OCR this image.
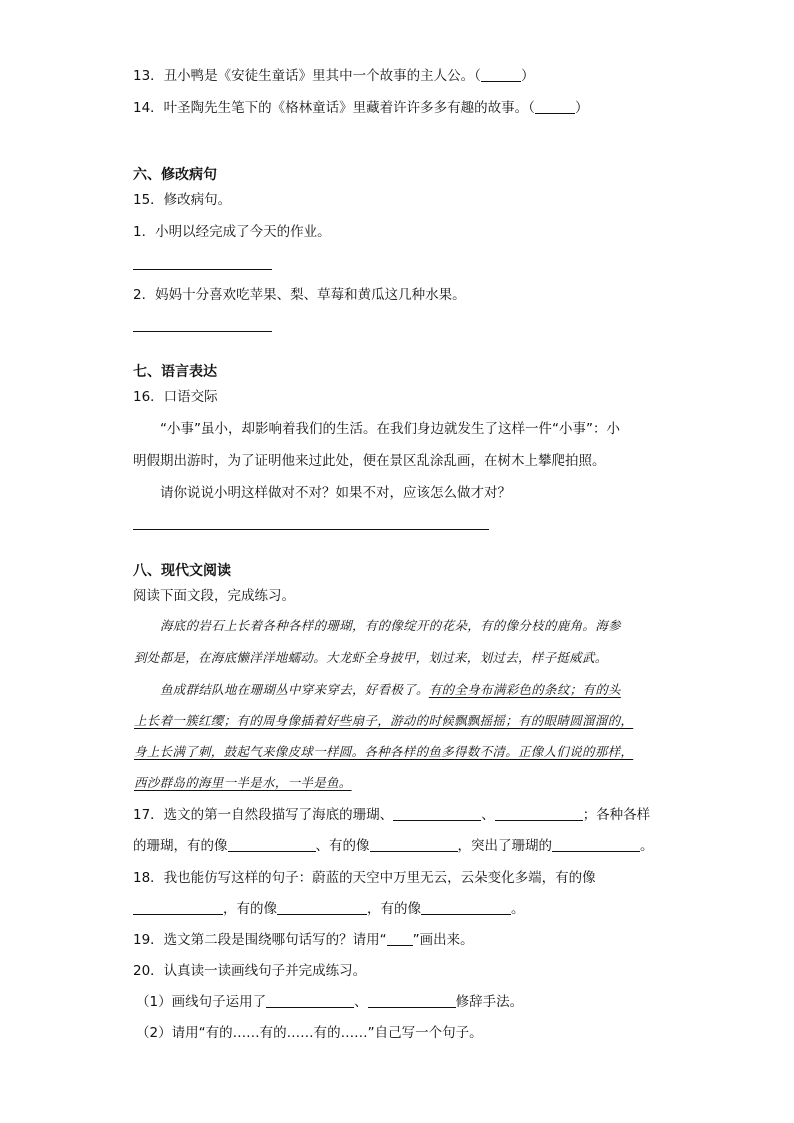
13．丑小鸭是《安徒生童话》里其中一个故事的主人公。（	）
14．叶圣陶先生笔下的《格林童话》里藏着许许多多有趣的故事。（	）
六、修改病句
15．修改病句。
1．小明以经完成了今天的作业。
2．妈妈十分喜欢吃苹果、梨、草莓和黄瓜这几种水果。
七、语言表达
16．口语交际
“小事”虽小，却影响着我们的生活。在我们身边就发生了这样一件“小事”：小
明假期出游时，为了证明他来过此处，便在景区乱涂乱画，在树木上攀爬拍照。
请你说说小明这样做对不对？如果不对，应该怎么做才对？
八、现代文阅读
阅读下面文段，完成练习。
海底的岩石上长着各种各样的珊瑚，有的像绽开的花朵，有的像分枝的鹿角。海参
到处都是，在海底懒洋洋地蠕动。大龙虾全身披甲，划过来，划过去，样子挺威武。
鱼成群结队地在珊瑚丛中穿来穿去，好看极了。有的全身布满彩色的条纹；有的头
上长着一簇红缨；有的周身像插着好些扇子，游动的时候飘飘摇摇；有的眼睛圆溜溜的，
身上长满了刺，鼓起气来像皮球一样圆。各种各样的鱼多得数不清。正像人们说的那样，
西沙群岛的海里一半是水，一半是鱼。
17．选文的第一自然段描写了海底的珊瑚、	、	；各种各样
的珊瑚，有的像	、有的像	，突出了珊瑚的	。
18．我也能仿写这样的句子：蔚蓝的天空中万里无云，云朵变化多端，有的像
，有的像	，有的像	。
19．选文第二段是围绕哪句话写的？请用“ ”画出来。
20．认真读一读画线句子并完成练习。
（1）画线句子运用了	、	修辞手法。
（2）请用“有的……有的……有的……”自己写一个句子。
